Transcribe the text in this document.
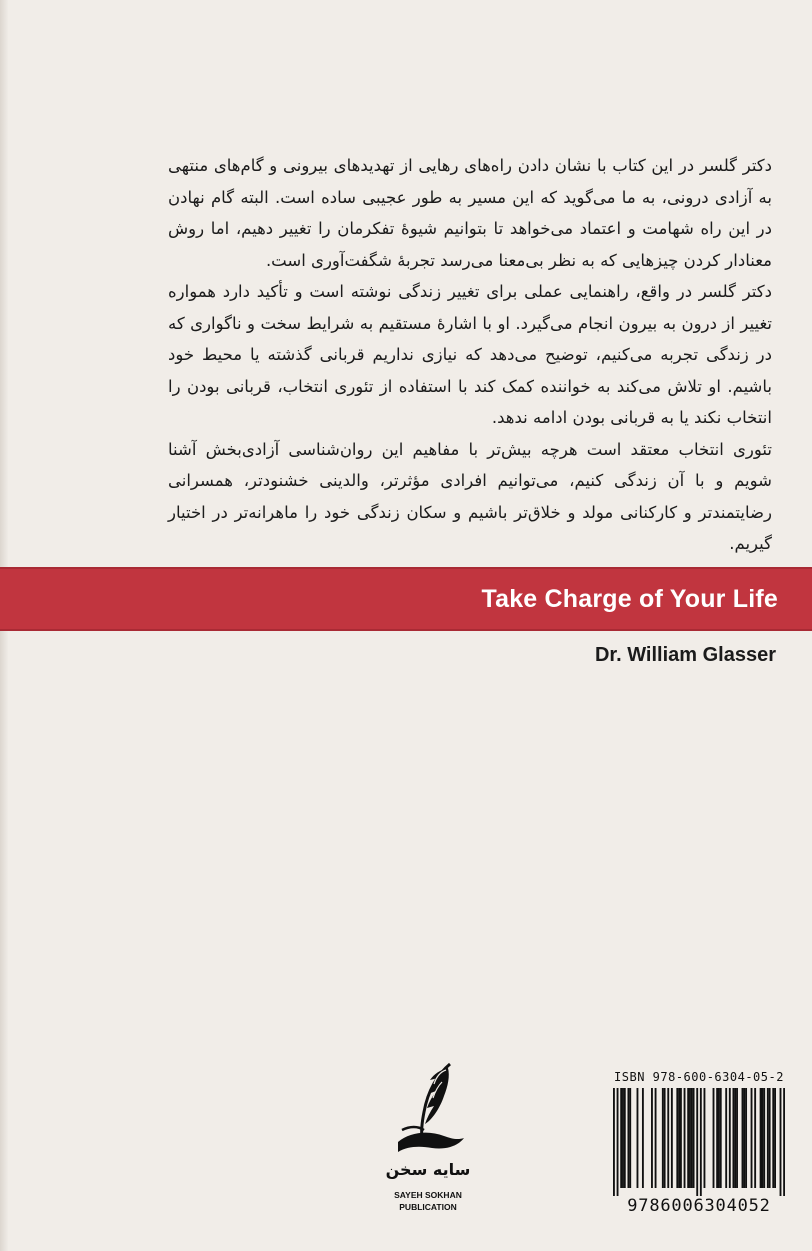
دکتر گلسر در این کتاب با نشان دادن راه‌های رهایی از تهدیدهای بیرونی و گام‌های منتهی به آزادی درونی، به ما می‌گوید که این مسیر به طور عجیبی ساده است. البته گام نهادن در این راه شهامت و اعتماد می‌خواهد تا بتوانیم شیوهٔ تفکرمان را تغییر دهیم، اما روش معنادار کردن چیزهایی که به نظر بی‌معنا می‌رسد تجربهٔ شگفت‌آوری است.

دکتر گلسر در واقع، راهنمایی عملی برای تغییر زندگی نوشته است و تأکید دارد همواره تغییر از درون به بیرون انجام می‌گیرد. او با اشارهٔ مستقیم به شرایط سخت و ناگواری که در زندگی تجربه می‌کنیم، توضیح می‌دهد که نیازی نداریم قربانی گذشته یا محیط خود باشیم. او تلاش می‌کند به خواننده کمک کند با استفاده از تئوری انتخاب، قربانی بودن را انتخاب نکند یا به قربانی بودن ادامه ندهد.

تئوری انتخاب معتقد است هرچه بیش‌تر با مفاهیم این روان‌شناسی آزادی‌بخش آشنا شویم و با آن زندگی کنیم، می‌توانیم افرادی مؤثرتر، والدینی خشنودتر، همسرانی رضایتمندتر و کارکنانی مولد و خلاق‌تر باشیم و سکان زندگی خود را ماهرانه‌تر در اختیار گیریم.

Take Charge of Your Life
Dr. William Glasser
سایه سخن
SAYEH SOKHAN
PUBLICATION
ISBN 978-600-6304-05-2
9786006304052
